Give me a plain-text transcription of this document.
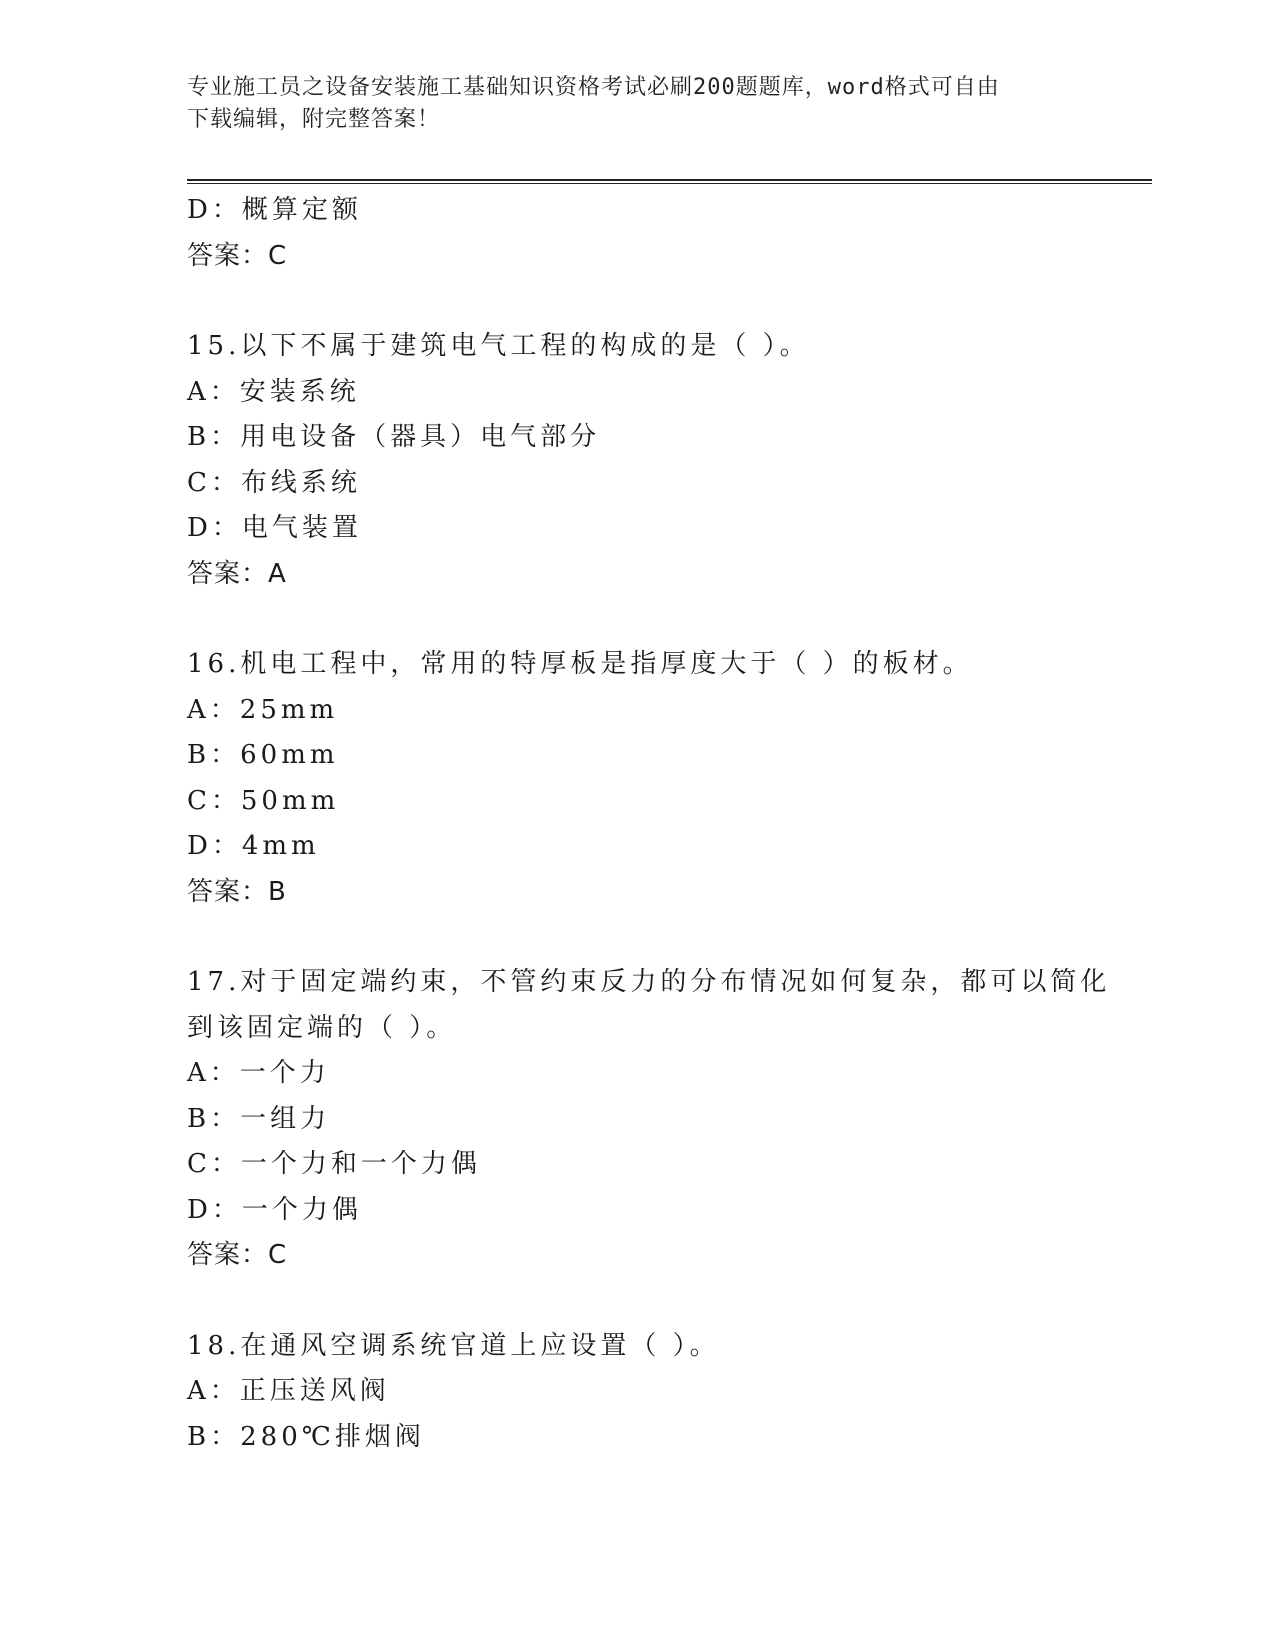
专业施工员之设备安装施工基础知识资格考试必刷200题题库，word格式可自由
下载编辑，附完整答案！
D：概算定额
答案：C
15.以下不属于建筑电气工程的构成的是（ ）。
A：安装系统
B：用电设备（器具）电气部分
C：布线系统
D：电气装置
答案：A
16.机电工程中，常用的特厚板是指厚度大于（ ）的板材。
A：25mm
B：60mm
C：50mm
D：4mm
答案：B
17.对于固定端约束，不管约束反力的分布情况如何复杂，都可以简化
到该固定端的（ ）。
A：一个力
B：一组力
C：一个力和一个力偶
D：一个力偶
答案：C
18.在通风空调系统官道上应设置（ ）。
A：正压送风阀
B：280℃排烟阀
